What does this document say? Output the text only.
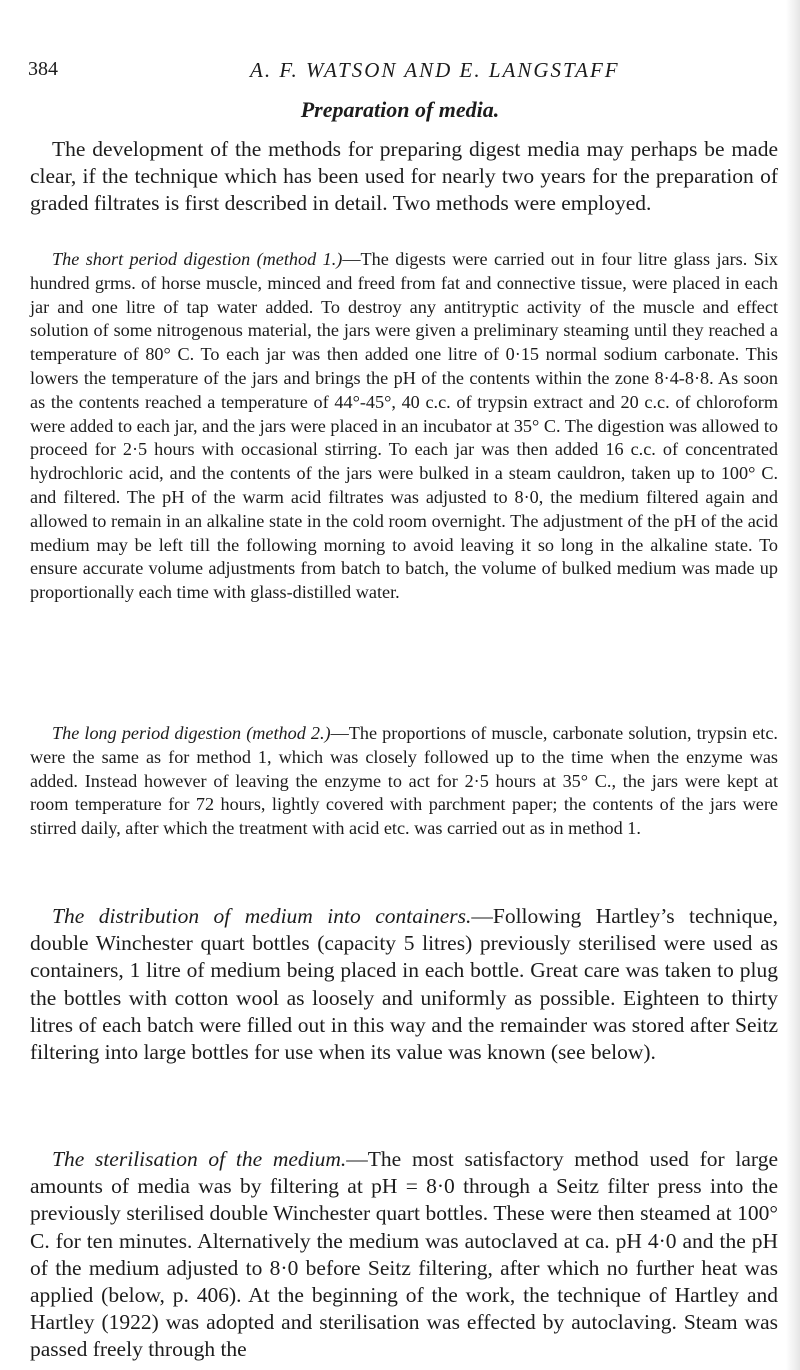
384	A. F. WATSON AND E. LANGSTAFF
Preparation of media.

The development of the methods for preparing digest media may perhaps be made clear, if the technique which has been used for nearly two years for the preparation of graded filtrates is first described in detail. Two methods were employed.

The short period digestion (method 1.)—The digests were carried out in four litre glass jars. Six hundred grms. of horse muscle, minced and freed from fat and connective tissue, were placed in each jar and one litre of tap water added. To destroy any antitryptic activity of the muscle and effect solution of some nitrogenous material, the jars were given a preliminary steaming until they reached a temperature of 80° C. To each jar was then added one litre of 0·15 normal sodium carbonate. This lowers the temperature of the jars and brings the pH of the contents within the zone 8·4-8·8. As soon as the contents reached a temperature of 44°-45°, 40 c.c. of trypsin extract and 20 c.c. of chloroform were added to each jar, and the jars were placed in an incubator at 35° C. The digestion was allowed to proceed for 2·5 hours with occasional stirring. To each jar was then added 16 c.c. of concentrated hydrochloric acid, and the contents of the jars were bulked in a steam cauldron, taken up to 100° C. and filtered. The pH of the warm acid filtrates was adjusted to 8·0, the medium filtered again and allowed to remain in an alkaline state in the cold room overnight. The adjustment of the pH of the acid medium may be left till the following morning to avoid leaving it so long in the alkaline state. To ensure accurate volume adjustments from batch to batch, the volume of bulked medium was made up proportionally each time with glass-distilled water.

The long period digestion (method 2.)—The proportions of muscle, carbonate solution, trypsin etc. were the same as for method 1, which was closely followed up to the time when the enzyme was added. Instead however of leaving the enzyme to act for 2·5 hours at 35° C., the jars were kept at room temperature for 72 hours, lightly covered with parchment paper; the contents of the jars were stirred daily, after which the treatment with acid etc. was carried out as in method 1.

The distribution of medium into containers.—Following Hartley’s technique, double Winchester quart bottles (capacity 5 litres) previously sterilised were used as containers, 1 litre of medium being placed in each bottle. Great care was taken to plug the bottles with cotton wool as loosely and uniformly as possible. Eighteen to thirty litres of each batch were filled out in this way and the remainder was stored after Seitz filtering into large bottles for use when its value was known (see below).

The sterilisation of the medium.—The most satisfactory method used for large amounts of media was by filtering at pH = 8·0 through a Seitz filter press into the previously sterilised double Winchester quart bottles. These were then steamed at 100° C. for ten minutes. Alternatively the medium was autoclaved at ca. pH 4·0 and the pH of the medium adjusted to 8·0 before Seitz filtering, after which no further heat was applied (below, p. 406). At the beginning of the work, the technique of Hartley and Hartley (1922) was adopted and sterilisation was effected by autoclaving. Steam was passed freely through the
